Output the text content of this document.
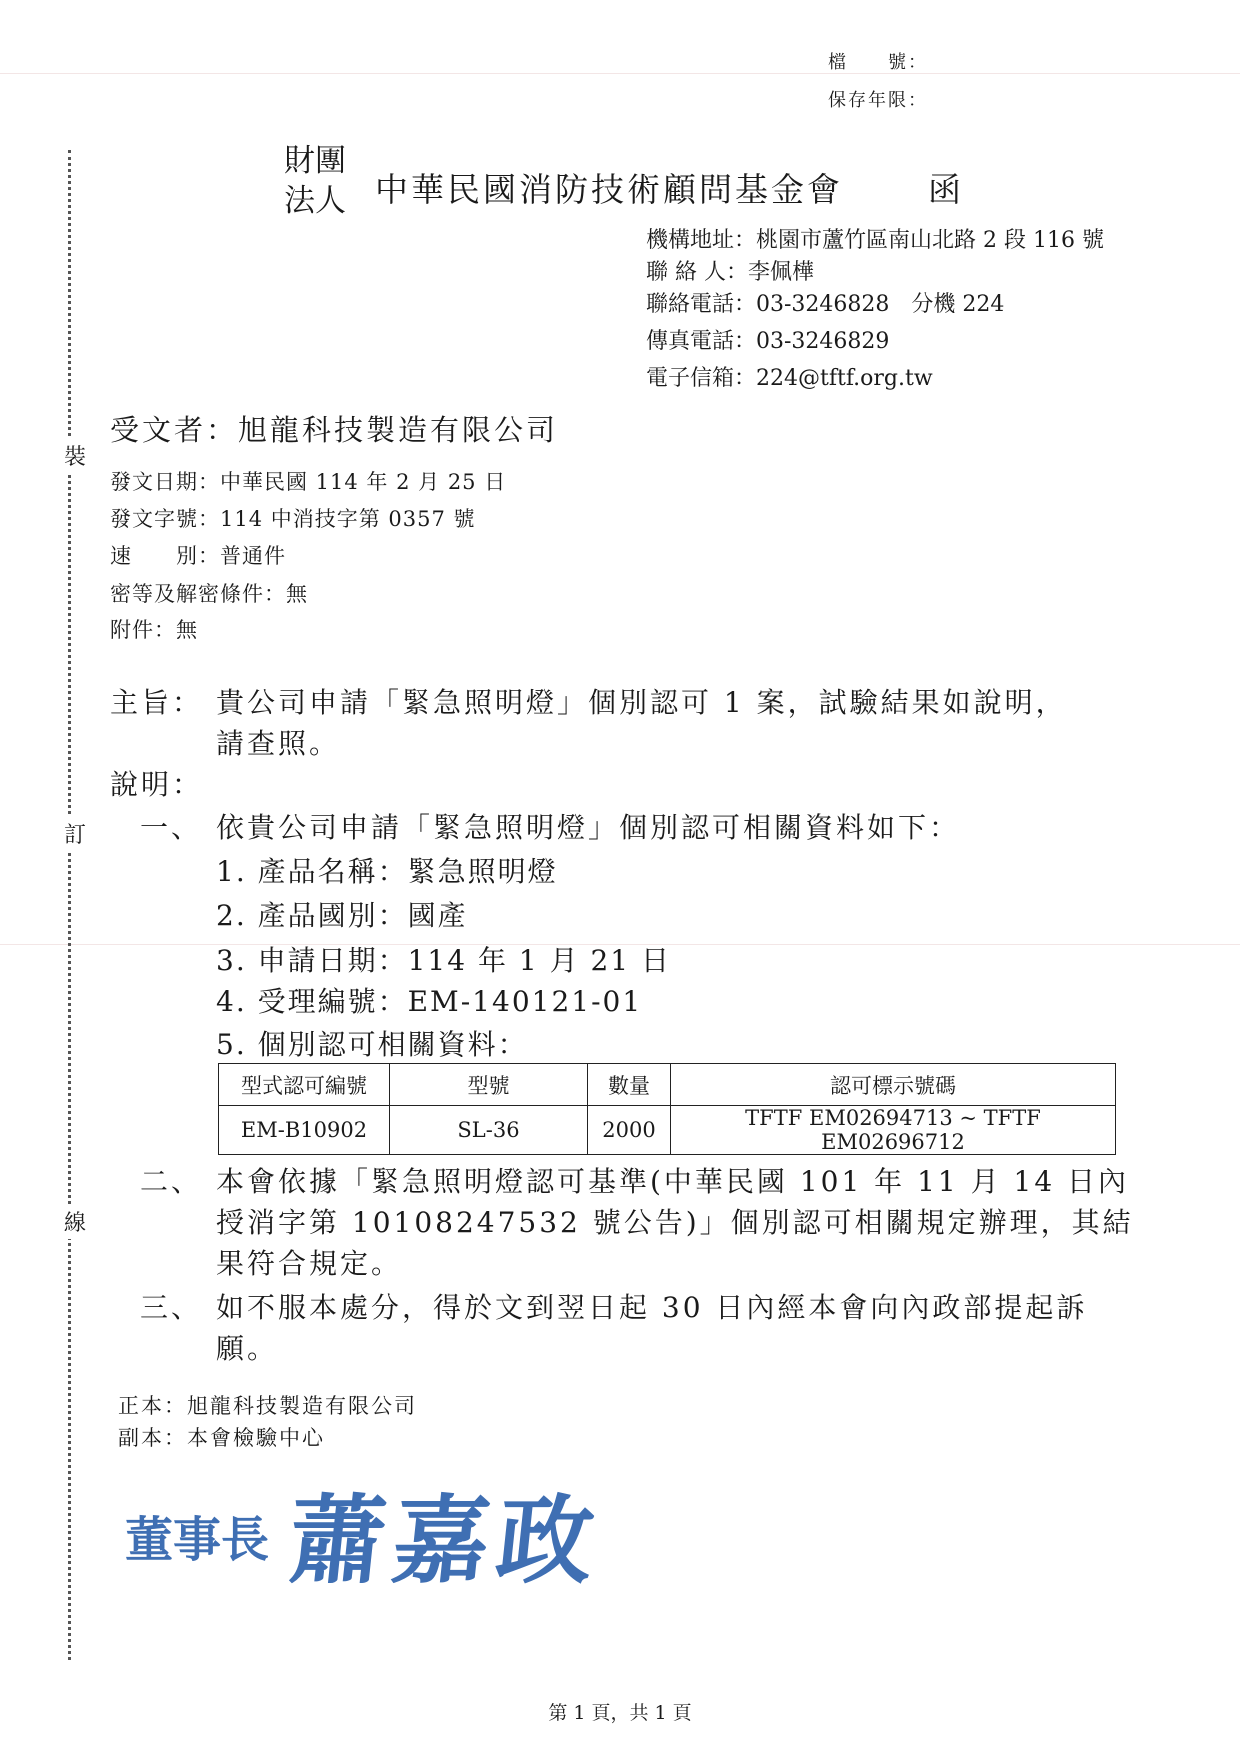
裝
訂
線
檔　　號：
保存年限：
財團
法人 中華民國消防技術顧問基金會	函
機構地址：桃園市蘆竹區南山北路 2 段 116 號
聯 絡 人：李佩樺
聯絡電話：03-3246828　分機 224
傳真電話：03-3246829
電子信箱：224@tftf.org.tw
受文者：旭龍科技製造有限公司
發文日期：中華民國 114 年 2 月 25 日
發文字號：114 中消技字第 0357 號
速　　別：普通件
密等及解密條件：無
附件：無
主旨： 貴公司申請「緊急照明燈」個別認可 1 案，試驗結果如說明，
請查照。
說明：
一、 依貴公司申請「緊急照明燈」個別認可相關資料如下：
1. 產品名稱：緊急照明燈
2. 產品國別：國產
3. 申請日期：114 年 1 月 21 日
4. 受理編號：EM-140121-01
5. 個別認可相關資料：
型式認可編號	型號	數量	認可標示號碼
EM-B10902	SL-36	2000	TFTF EM02694713 ~ TFTF EM02696712
二、 本會依據「緊急照明燈認可基準(中華民國 101 年 11 月 14 日內
授消字第 10108247532 號公告)」個別認可相關規定辦理，其結
果符合規定。
三、 如不服本處分，得於文到翌日起 30 日內經本會向內政部提起訴
願。
正本：旭龍科技製造有限公司
副本：本會檢驗中心
董事長 蕭嘉政
第 1 頁，共 1 頁
